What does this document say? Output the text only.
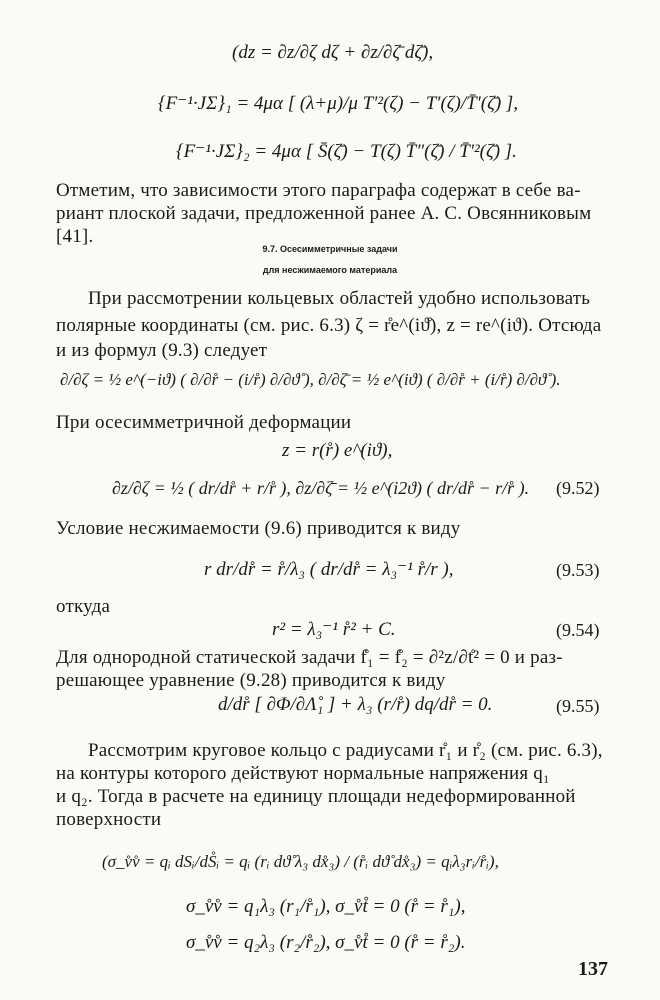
(dz = ∂z/∂ζ dζ + ∂z/∂ζ̄ dζ̄),
{F⁻¹·JΣ}₁ = 4μα [ (λ+μ)/μ T′²(ζ) − T′(ζ)/T̄′(ζ̄) ],
{F⁻¹·JΣ}₂ = 4μα [ S̄(ζ̄) − T(ζ) T̄″(ζ̄) / T̄′²(ζ̄) ].
Отметим, что зависимости этого параграфа содержат в себе ва-
риант плоской задачи, предложенной ранее А. С. Овсянниковым
[41].
9.7. Осесимметричные задачи
для несжимаемого материала
При рассмотрении кольцевых областей удобно использовать
полярные координаты (см. рис. 6.3) ζ = r̊e^(iϑ̊), z = re^(iϑ). Отсюда
и из формул (9.3) следует
∂/∂ζ = ½ e^(−iϑ) ( ∂/∂r̊ − (i/r̊) ∂/∂ϑ̊ ), ∂/∂ζ̄ = ½ e^(iϑ) ( ∂/∂r̊ + (i/r̊) ∂/∂ϑ̊ ).
При осесимметричной деформации
z = r(r̊) e^(iϑ),
∂z/∂ζ = ½ ( dr/dr̊ + r/r̊ ), ∂z/∂ζ̄ = ½ e^(i2ϑ) ( dr/dr̊ − r/r̊ ). (9.52)
Условие несжимаемости (9.6) приводится к виду
r dr/dr̊ = r̊/λ₃ ( dr/dr̊ = λ₃⁻¹ r̊/r ),	(9.53)
откуда
r² = λ₃⁻¹ r̊² + C.	(9.54)
Для однородной статической задачи f̊₁ = f̊₂ = ∂²z/∂t̊² = 0 и раз-
решающее уравнение (9.28) приводится к виду
d/dr̊ [ ∂Φ/∂Λ̊₁ ] + λ₃ (r/r̊) dq/dr̊ = 0.	(9.55)
Рассмотрим круговое кольцо с радиусами r̊₁ и r̊₂ (см. рис. 6.3),
на контуры которого действуют нормальные напряжения q₁
и q₂. Тогда в расчете на единицу площади недеформированной
поверхности
(σ_v̊v̊ = qᵢ dSᵢ/dS̊ᵢ = qᵢ (rᵢ dϑ̊ λ₃ dx̊₃) / (r̊ᵢ dϑ̊ dx̊₃) = qᵢλ₃rᵢ/r̊ᵢ),
σ_v̊v̊ = q₁λ₃ (r₁/r̊₁), σ_v̊t̊ = 0 (r̊ = r̊₁),
σ_v̊v̊ = q₂λ₃ (r₂/r̊₂), σ_v̊t̊ = 0 (r̊ = r̊₂).
137
